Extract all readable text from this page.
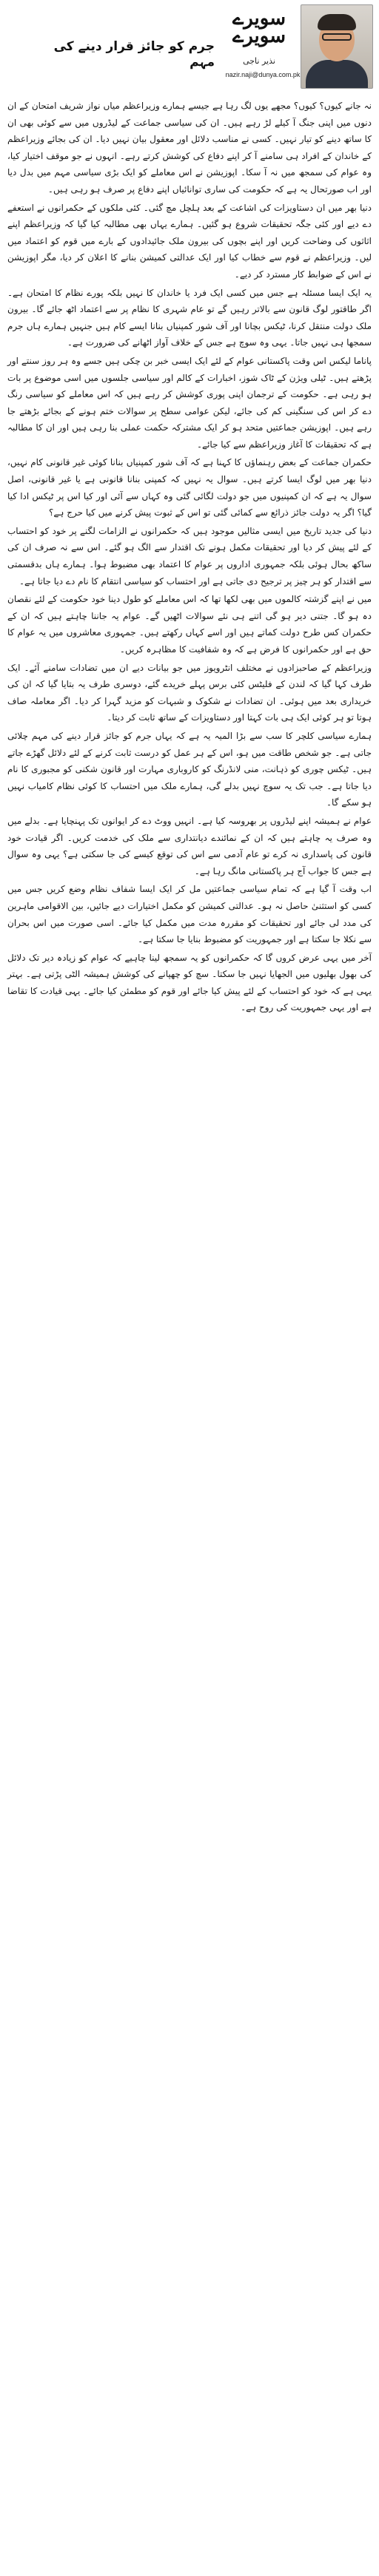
سویرے
سویرے
نذیر ناجی
nazir.naji@dunya.com.pk
جرم کو جائز قرار دینے کی مہم

نہ جانے کیوں؟ کیوں؟ مجھے یوں لگ رہا ہے جیسے ہمارے وزیراعظم میاں نواز شریف امتحان کے ان دنوں میں اپنی جنگ آ کیلے لڑ رہے ہیں۔ ان کی سیاسی جماعت کے لیڈروں میں سے کوئی بھی ان کا ساتھ دینے کو تیار نہیں۔ کسی نے مناسب دلائل اور معقول بیان نہیں دیا۔ ان کی بجائے وزیراعظم کے خاندان کے افراد ہی سامنے آ کر اپنے دفاع کی کوشش کرتے رہے۔ انہوں نے جو موقف اختیار کیا، وہ عوام کی سمجھ میں نہ آ سکا۔ اپوزیشن نے اس معاملے کو ایک بڑی سیاسی مہم میں بدل دیا اور اب صورتحال یہ ہے کہ حکومت کی ساری توانائیاں اپنے دفاع پر صرف ہو رہی ہیں۔

دنیا بھر میں ان دستاویزات کی اشاعت کے بعد ہلچل مچ گئی۔ کئی ملکوں کے حکمرانوں نے استعفے دے دیے اور کئی جگہ تحقیقات شروع ہو گئیں۔ ہمارے یہاں بھی مطالبہ کیا گیا کہ وزیراعظم اپنے اثاثوں کی وضاحت کریں اور اپنے بچوں کی بیرون ملک جائیدادوں کے بارے میں قوم کو اعتماد میں لیں۔ وزیراعظم نے قوم سے خطاب کیا اور ایک عدالتی کمیشن بنانے کا اعلان کر دیا، مگر اپوزیشن نے اس کے ضوابط کار مسترد کر دیے۔

یہ ایک ایسا مسئلہ ہے جس میں کسی ایک فرد یا خاندان کا نہیں بلکہ پورے نظام کا امتحان ہے۔ اگر طاقتور لوگ قانون سے بالاتر رہیں گے تو عام شہری کا نظام پر سے اعتماد اٹھ جائے گا۔ بیرون ملک دولت منتقل کرنا، ٹیکس بچانا اور آف شور کمپنیاں بنانا ایسے کام ہیں جنہیں ہمارے ہاں جرم سمجھا ہی نہیں جاتا۔ یہی وہ سوچ ہے جس کے خلاف آواز اٹھانے کی ضرورت ہے۔

پاناما لیکس اس وقت پاکستانی عوام کے لئے ایک ایسی خبر بن چکی ہیں جسے وہ ہر روز سنتے اور پڑھتے ہیں۔ ٹیلی ویژن کے ٹاک شوز، اخبارات کے کالم اور سیاسی جلسوں میں اسی موضوع پر بات ہو رہی ہے۔ حکومت کے ترجمان اپنی پوری کوشش کر رہے ہیں کہ اس معاملے کو سیاسی رنگ دے کر اس کی سنگینی کم کی جائے، لیکن عوامی سطح پر سوالات ختم ہونے کے بجائے بڑھتے جا رہے ہیں۔ اپوزیشن جماعتیں متحد ہو کر ایک مشترکہ حکمت عملی بنا رہی ہیں اور ان کا مطالبہ ہے کہ تحقیقات کا آغاز وزیراعظم سے کیا جائے۔

حکمران جماعت کے بعض رہنماؤں کا کہنا ہے کہ آف شور کمپنیاں بنانا کوئی غیر قانونی کام نہیں، دنیا بھر میں لوگ ایسا کرتے ہیں۔ سوال یہ نہیں کہ کمپنی بنانا قانونی ہے یا غیر قانونی، اصل سوال یہ ہے کہ ان کمپنیوں میں جو دولت لگائی گئی وہ کہاں سے آئی اور کیا اس پر ٹیکس ادا کیا گیا؟ اگر یہ دولت جائز ذرائع سے کمائی گئی تو اس کے ثبوت پیش کرنے میں کیا حرج ہے؟

دنیا کی جدید تاریخ میں ایسی مثالیں موجود ہیں کہ حکمرانوں نے الزامات لگنے پر خود کو احتساب کے لئے پیش کر دیا اور تحقیقات مکمل ہونے تک اقتدار سے الگ ہو گئے۔ اس سے نہ صرف ان کی ساکھ بحال ہوئی بلکہ جمہوری اداروں پر عوام کا اعتماد بھی مضبوط ہوا۔ ہمارے ہاں بدقسمتی سے اقتدار کو ہر چیز پر ترجیح دی جاتی ہے اور احتساب کو سیاسی انتقام کا نام دے دیا جاتا ہے۔

میں نے اپنے گزشتہ کالموں میں بھی لکھا تھا کہ اس معاملے کو طول دینا خود حکومت کے لئے نقصان دہ ہو گا۔ جتنی دیر ہو گی اتنے ہی نئے سوالات اٹھیں گے۔ عوام یہ جاننا چاہتے ہیں کہ ان کے حکمران کس طرح دولت کماتے ہیں اور اسے کہاں رکھتے ہیں۔ جمہوری معاشروں میں یہ عوام کا حق ہے اور حکمرانوں کا فرض ہے کہ وہ شفافیت کا مظاہرہ کریں۔

وزیراعظم کے صاحبزادوں نے مختلف انٹرویوز میں جو بیانات دیے ان میں تضادات سامنے آئے۔ ایک طرف کہا گیا کہ لندن کے فلیٹس کئی برس پہلے خریدے گئے، دوسری طرف یہ بتایا گیا کہ ان کی خریداری بعد میں ہوئی۔ ان تضادات نے شکوک و شبہات کو مزید گہرا کر دیا۔ اگر معاملہ صاف ہوتا تو ہر کوئی ایک ہی بات کہتا اور دستاویزات کے ساتھ ثابت کر دیتا۔

ہمارے سیاسی کلچر کا سب سے بڑا المیہ یہ ہے کہ یہاں جرم کو جائز قرار دینے کی مہم چلائی جاتی ہے۔ جو شخص طاقت میں ہو، اس کے ہر عمل کو درست ثابت کرنے کے لئے دلائل گھڑے جاتے ہیں۔ ٹیکس چوری کو ذہانت، منی لانڈرنگ کو کاروباری مہارت اور قانون شکنی کو مجبوری کا نام دیا جاتا ہے۔ جب تک یہ سوچ نہیں بدلے گی، ہمارے ملک میں احتساب کا کوئی نظام کامیاب نہیں ہو سکے گا۔

عوام نے ہمیشہ اپنے لیڈروں پر بھروسہ کیا ہے۔ انہیں ووٹ دے کر ایوانوں تک پہنچایا ہے۔ بدلے میں وہ صرف یہ چاہتے ہیں کہ ان کے نمائندے دیانتداری سے ملک کی خدمت کریں۔ اگر قیادت خود قانون کی پاسداری نہ کرے تو عام آدمی سے اس کی توقع کیسے کی جا سکتی ہے؟ یہی وہ سوال ہے جس کا جواب آج ہر پاکستانی مانگ رہا ہے۔

اب وقت آ گیا ہے کہ تمام سیاسی جماعتیں مل کر ایک ایسا شفاف نظام وضع کریں جس میں کسی کو استثنیٰ حاصل نہ ہو۔ عدالتی کمیشن کو مکمل اختیارات دیے جائیں، بین الاقوامی ماہرین کی مدد لی جائے اور تحقیقات کو مقررہ مدت میں مکمل کیا جائے۔ اسی صورت میں اس بحران سے نکلا جا سکتا ہے اور جمہوریت کو مضبوط بنایا جا سکتا ہے۔

آخر میں یہی عرض کروں گا کہ حکمرانوں کو یہ سمجھ لینا چاہیے کہ عوام کو زیادہ دیر تک دلائل کی بھول بھلیوں میں الجھایا نہیں جا سکتا۔ سچ کو چھپانے کی کوشش ہمیشہ الٹی پڑتی ہے۔ بہتر یہی ہے کہ خود کو احتساب کے لئے پیش کیا جائے اور قوم کو مطمئن کیا جائے۔ یہی قیادت کا تقاضا ہے اور یہی جمہوریت کی روح ہے۔
